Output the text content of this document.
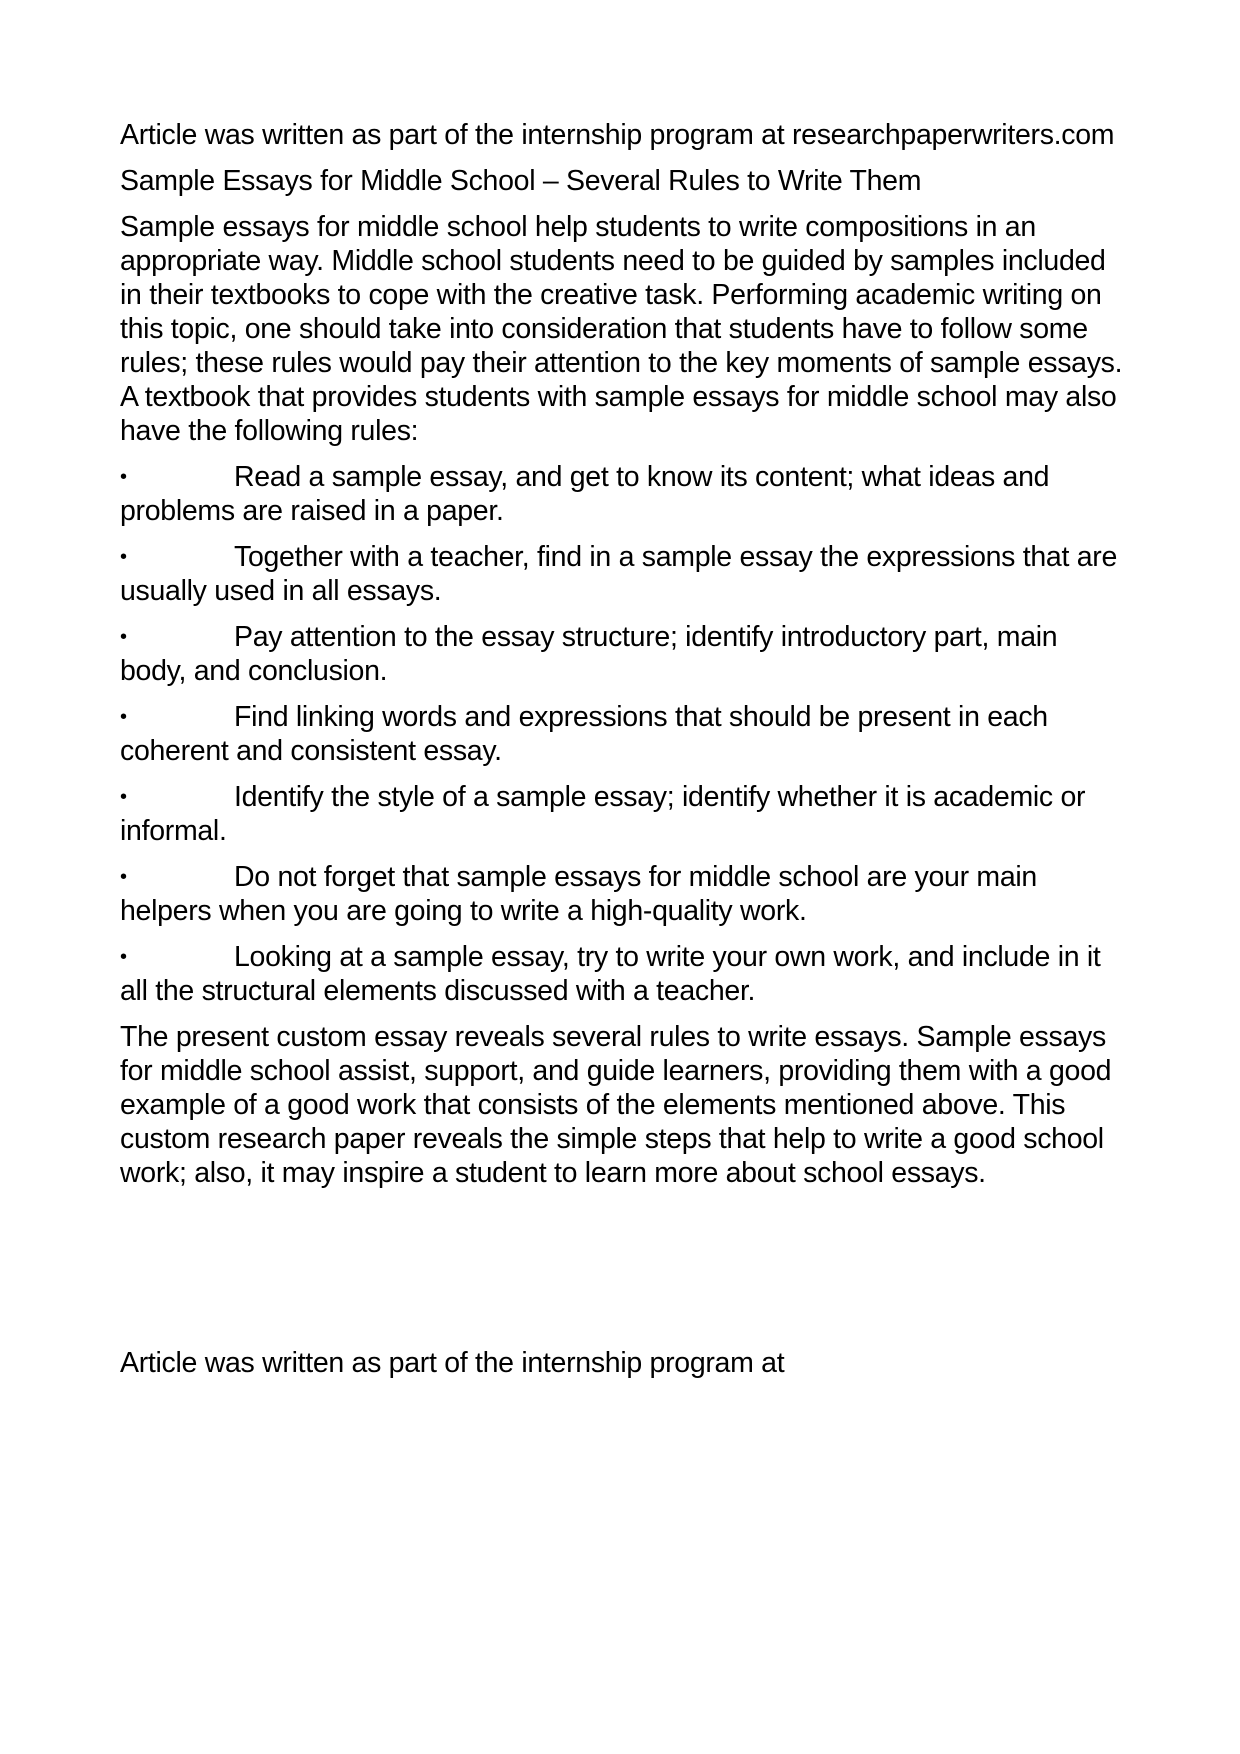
Article was written as part of the internship program at researchpaperwriters.com

Sample Essays for Middle School – Several Rules to Write Them

Sample essays for middle school help students to write compositions in an appropriate way. Middle school students need to be guided by samples included in their textbooks to cope with the creative task. Performing academic writing on this topic, one should take into consideration that students have to follow some rules; these rules would pay their attention to the key moments of sample essays. A textbook that provides students with sample essays for middle school may also have the following rules:

•	Read a sample essay, and get to know its content; what ideas and problems are raised in a paper.

•	Together with a teacher, find in a sample essay the expressions that are usually used in all essays.

•	Pay attention to the essay structure; identify introductory part, main body, and conclusion.

•	Find linking words and expressions that should be present in each coherent and consistent essay.

•	Identify the style of a sample essay; identify whether it is academic or informal.

•	Do not forget that sample essays for middle school are your main helpers when you are going to write a high-quality work.

•	Looking at a sample essay, try to write your own work, and include in it all the structural elements discussed with a teacher.

The present custom essay reveals several rules to write essays. Sample essays for middle school assist, support, and guide learners, providing them with a good example of a good work that consists of the elements mentioned above. This custom research paper reveals the simple steps that help to write a good school work; also, it may inspire a student to learn more about school essays.

Article was written as part of the internship program at
